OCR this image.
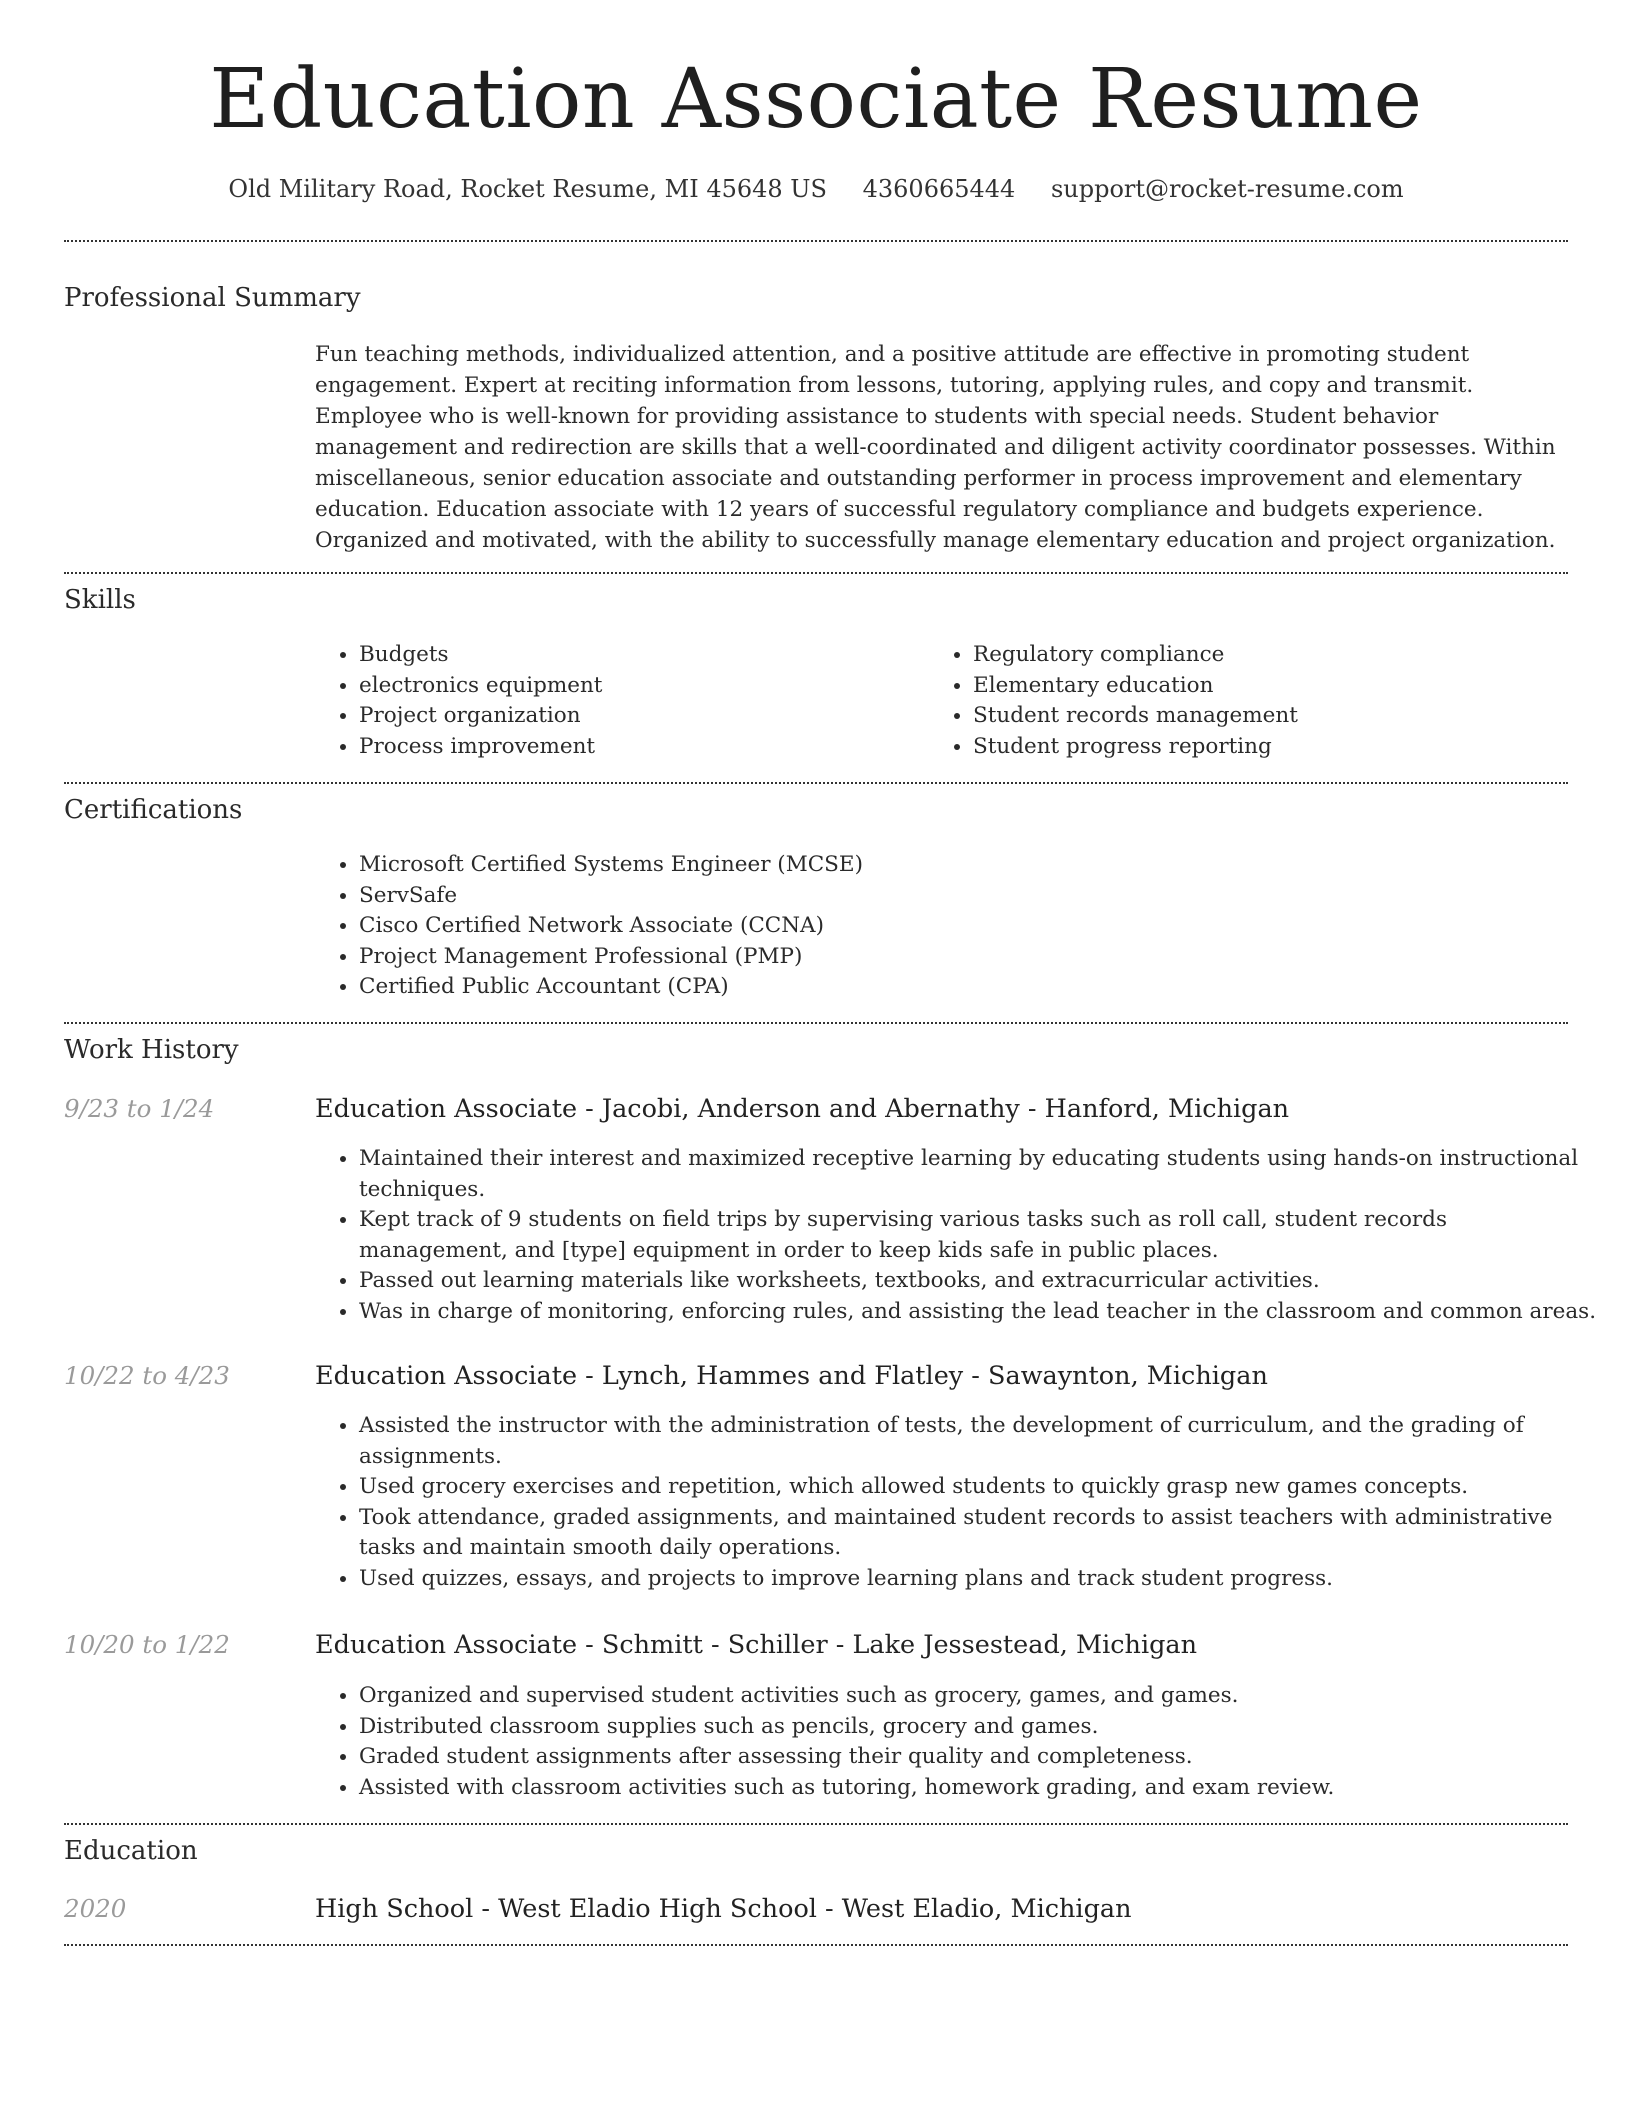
Education Associate Resume
Old Military Road, Rocket Resume, MI 45648 US 4360665444 support@rocket-resume.com
Professional Summary

Fun teaching methods, individualized attention, and a positive attitude are effective in promoting student engagement. Expert at reciting information from lessons, tutoring, applying rules, and copy and transmit. Employee who is well-known for providing assistance to students with special needs. Student behavior management and redirection are skills that a well-coordinated and diligent activity coordinator possesses. Within miscellaneous, senior education associate and outstanding performer in process improvement and elementary education. Education associate with 12 years of successful regulatory compliance and budgets experience. Organized and motivated, with the ability to successfully manage elementary education and project organization.

Skills
• Budgets
• electronics equipment
• Project organization
• Process improvement
• Regulatory compliance
• Elementary education
• Student records management
• Student progress reporting
Certifications
• Microsoft Certified Systems Engineer (MCSE)
• ServSafe
• Cisco Certified Network Associate (CCNA)
• Project Management Professional (PMP)
• Certified Public Accountant (CPA)
Work History
9/23 to 1/24	Education Associate - Jacobi, Anderson and Abernathy - Hanford, Michigan
• Maintained their interest and maximized receptive learning by educating students using hands-on instructional techniques.
• Kept track of 9 students on field trips by supervising various tasks such as roll call, student records management, and [type] equipment in order to keep kids safe in public places.
• Passed out learning materials like worksheets, textbooks, and extracurricular activities.
• Was in charge of monitoring, enforcing rules, and assisting the lead teacher in the classroom and common areas.
10/22 to 4/23	Education Associate - Lynch, Hammes and Flatley - Sawaynton, Michigan
• Assisted the instructor with the administration of tests, the development of curriculum, and the grading of assignments.
• Used grocery exercises and repetition, which allowed students to quickly grasp new games concepts.
• Took attendance, graded assignments, and maintained student records to assist teachers with administrative tasks and maintain smooth daily operations.
• Used quizzes, essays, and projects to improve learning plans and track student progress.
10/20 to 1/22	Education Associate - Schmitt - Schiller - Lake Jessestead, Michigan
• Organized and supervised student activities such as grocery, games, and games.
• Distributed classroom supplies such as pencils, grocery and games.
• Graded student assignments after assessing their quality and completeness.
• Assisted with classroom activities such as tutoring, homework grading, and exam review.
Education
2020	High School - West Eladio High School - West Eladio, Michigan
